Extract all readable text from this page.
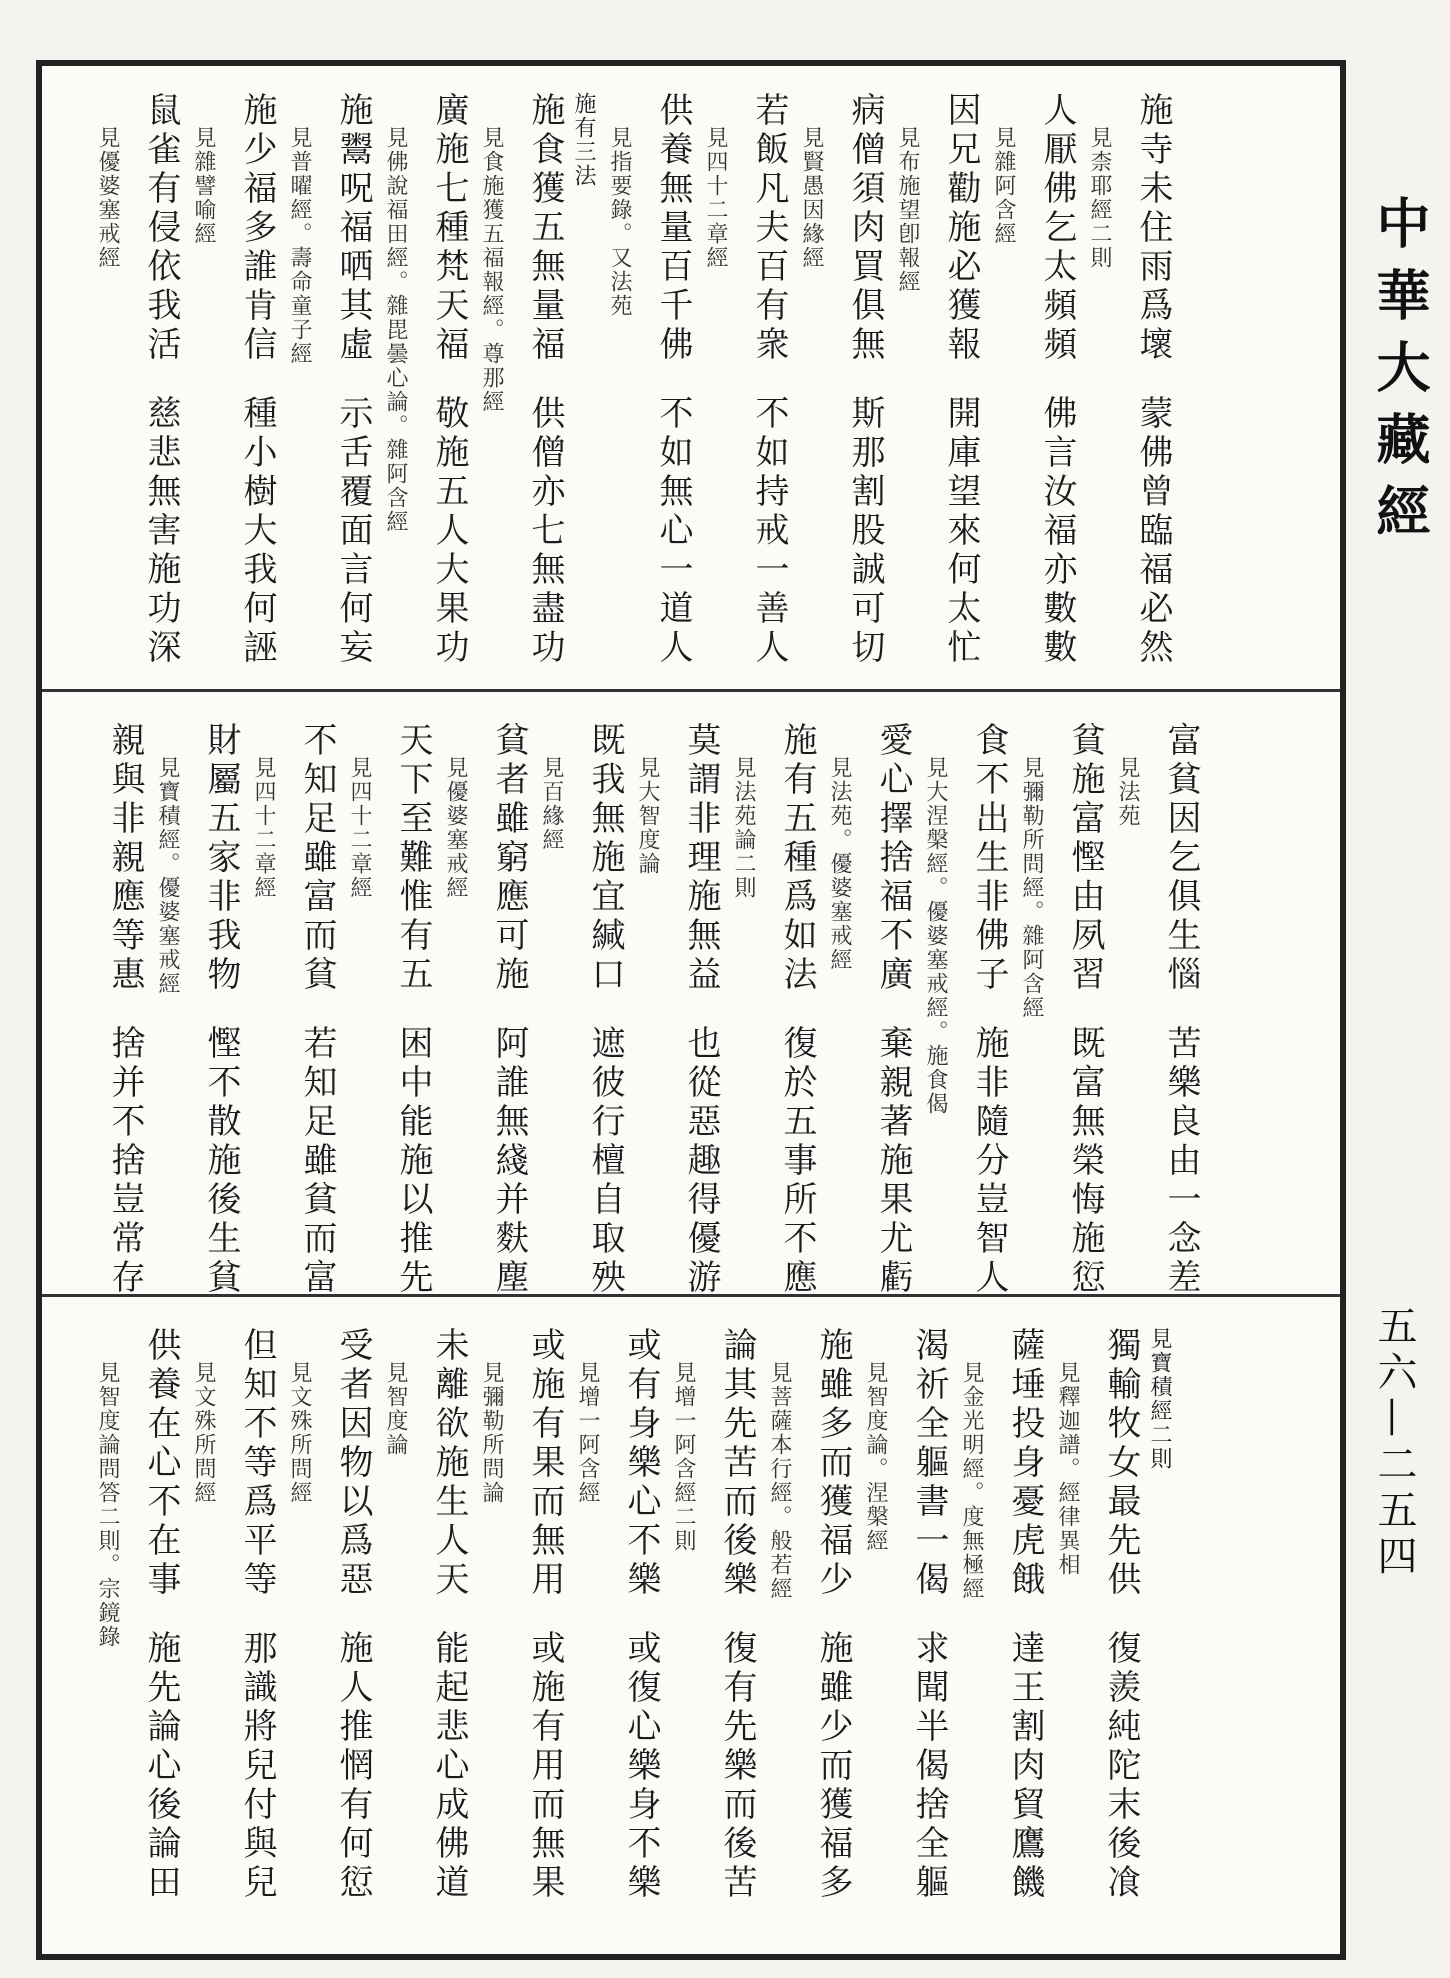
中華大藏經
五六—二五四
施寺未住雨爲壞蒙佛曾臨福必然
見柰耶經二則
人厭佛乞太頻頻佛言汝福亦數數
見雜阿含經
因兄勸施必獲報開庫望來何太忙
見布施望卽報經
病僧須肉買俱無斯那割股誠可切
見賢愚因緣經
若飯凡夫百有衆不如持戒一善人
見四十二章經
供養無量百千佛不如無心一道人
見指要錄。又法苑
施有三法
施食獲五無量福供僧亦七無盡功
見食施獲五福報經。尊那經
廣施七種梵天福敬施五人大果功
見佛說福田經。雜毘曇心論。雜阿含經
施鬻呪福哂其虛示舌覆面言何妄
見普曜經。壽命童子經
施少福多誰肯信種小樹大我何誣
見雜譬喻經
鼠雀有侵依我活慈悲無害施功深
見優婆塞戒經
富貧因乞俱生惱苦樂良由一念差
見法苑
貧施富慳由夙習既富無榮悔施愆
見彌勒所問經。雜阿含經
食不出生非佛子施非隨分豈智人
見大涅槃經。優婆塞戒經。施食偈
愛心擇捨福不廣棄親著施果尤虧
見法苑。優婆塞戒經
施有五種爲如法復於五事所不應
見法苑論二則
莫謂非理施無益也從惡趣得優游
見大智度論
既我無施宜緘口遮彼行檀自取殃
見百緣經
貧者雖窮應可施阿誰無綫并麩塵
見優婆塞戒經
天下至難惟有五困中能施以推先
見四十二章經
不知足雖富而貧若知足雖貧而富
見四十二章經
財屬五家非我物慳不散施後生貧
見寶積經。優婆塞戒經
親與非親應等惠捨并不捨豈常存
見寶積經二則
獨輸牧女最先供復羨純陀末後飡
見釋迦譜。經律異相
薩埵投身憂虎餓達王割肉貿鷹饑
見金光明經。度無極經
渴祈全軀書一偈求聞半偈捨全軀
見智度論。涅槃經
施雖多而獲福少施雖少而獲福多
見菩薩本行經。般若經
論其先苦而後樂復有先樂而後苦
見增一阿含經二則
或有身樂心不樂或復心樂身不樂
見增一阿含經
或施有果而無用或施有用而無果
見彌勒所問論
未離欲施生人天能起悲心成佛道
見智度論
受者因物以爲惡施人推惘有何愆
見文殊所問經
但知不等爲平等那識將兒付與兒
見文殊所問經
供養在心不在事施先論心後論田
見智度論問答二則。宗鏡錄
